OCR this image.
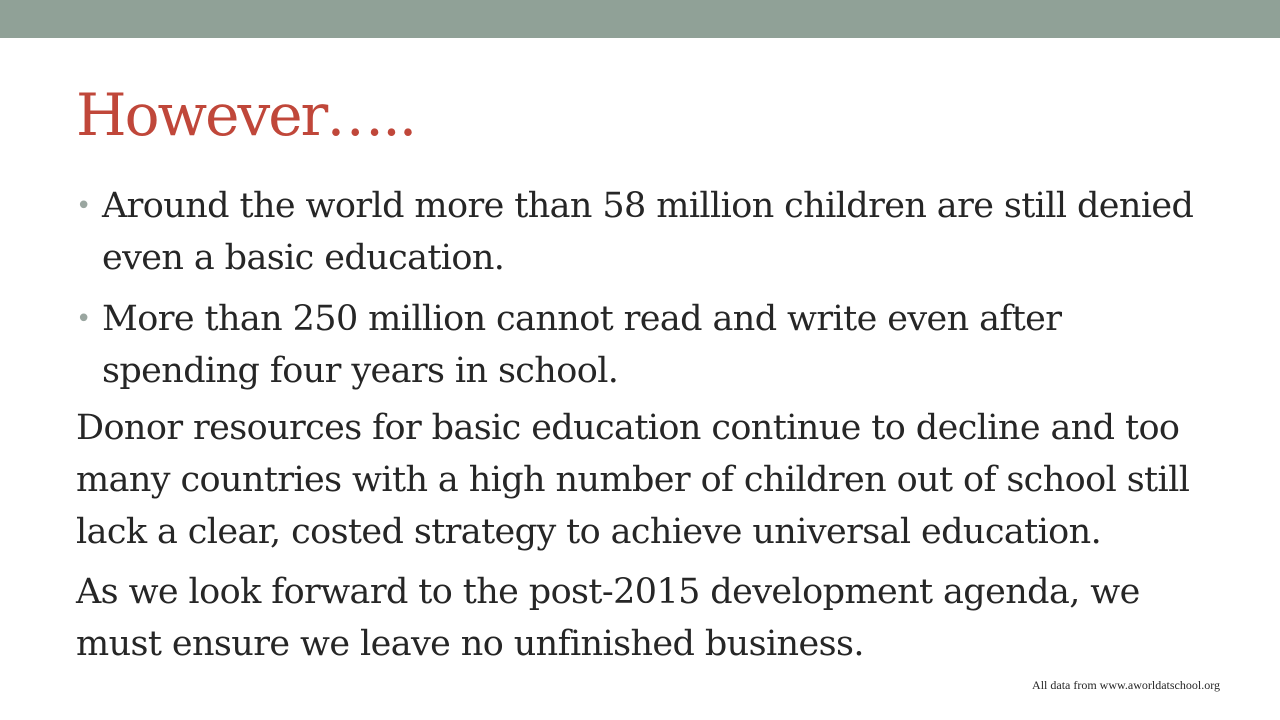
However…..
• Around the world more than 58 million children are still denied even a basic education.
• More than 250 million cannot read and write even after spending four years in school.

Donor resources for basic education continue to decline and too many countries with a high number of children out of school still lack a clear, costed strategy to achieve universal education.

As we look forward to the post-2015 development agenda, we must ensure we leave no unfinished business.

All data from www.aworldatschool.org
